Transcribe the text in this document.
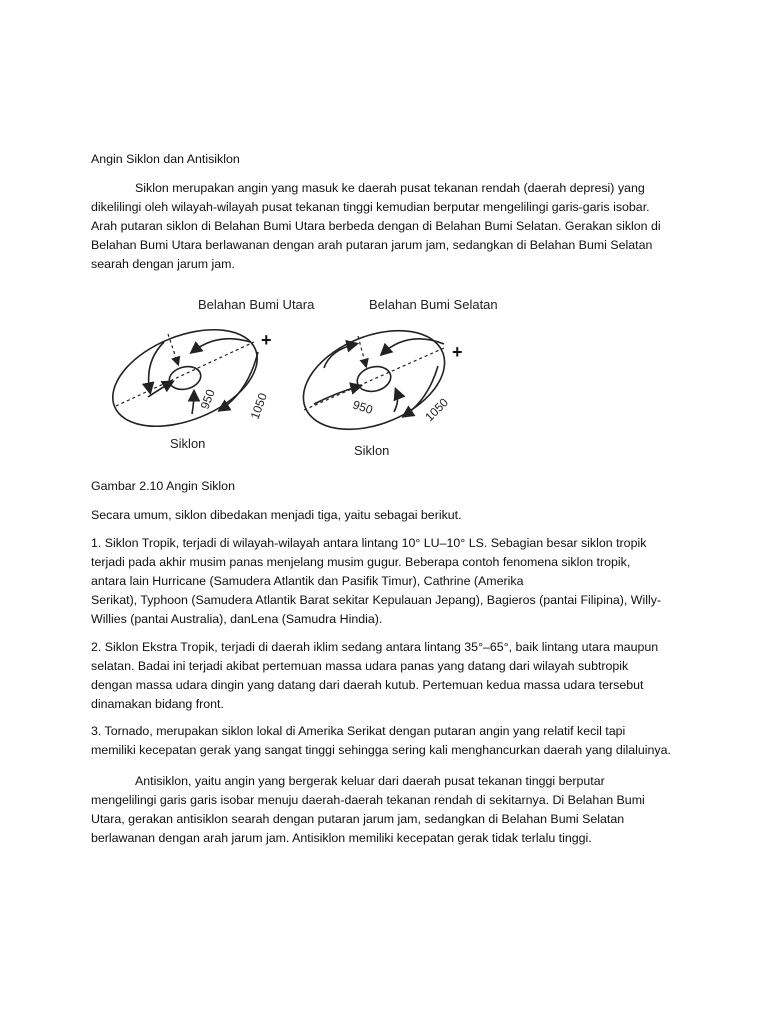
Angin Siklon dan Antisiklon
Siklon merupakan angin yang masuk ke daerah pusat tekanan rendah (daerah depresi) yang
dikelilingi oleh wilayah-wilayah pusat tekanan tinggi kemudian berputar mengelilingi garis-garis isobar.
Arah putaran siklon di Belahan Bumi Utara berbeda dengan di Belahan Bumi Selatan. Gerakan siklon di
Belahan Bumi Utara berlawanan dengan arah putaran jarum jam, sedangkan di Belahan Bumi Selatan
searah dengan jarum jam.
Belahan Bumi Utara	Belahan Bumi Selatan
950 1050
+
Siklon
950	1050
+
Siklon
Gambar 2.10 Angin Siklon
Secara umum, siklon dibedakan menjadi tiga, yaitu sebagai berikut.
1. Siklon Tropik, terjadi di wilayah-wilayah antara lintang 10° LU–10° LS. Sebagian besar siklon tropik
terjadi pada akhir musim panas menjelang musim gugur. Beberapa contoh fenomena siklon tropik,
antara lain Hurricane (Samudera Atlantik dan Pasifik Timur), Cathrine (Amerika
Serikat), Typhoon (Samudera Atlantik Barat sekitar Kepulauan Jepang), Bagieros (pantai Filipina), Willy-
Willies (pantai Australia), danLena (Samudra Hindia).
2. Siklon Ekstra Tropik, terjadi di daerah iklim sedang antara lintang 35°–65°, baik lintang utara maupun
selatan. Badai ini terjadi akibat pertemuan massa udara panas yang datang dari wilayah subtropik
dengan massa udara dingin yang datang dari daerah kutub. Pertemuan kedua massa udara tersebut
dinamakan bidang front.
3. Tornado, merupakan siklon lokal di Amerika Serikat dengan putaran angin yang relatif kecil tapi
memiliki kecepatan gerak yang sangat tinggi sehingga sering kali menghancurkan daerah yang dilaluinya.
Antisiklon, yaitu angin yang bergerak keluar dari daerah pusat tekanan tinggi berputar
mengelilingi garis garis isobar menuju daerah-daerah tekanan rendah di sekitarnya. Di Belahan Bumi
Utara, gerakan antisiklon searah dengan putaran jarum jam, sedangkan di Belahan Bumi Selatan
berlawanan dengan arah jarum jam. Antisiklon memiliki kecepatan gerak tidak terlalu tinggi.
